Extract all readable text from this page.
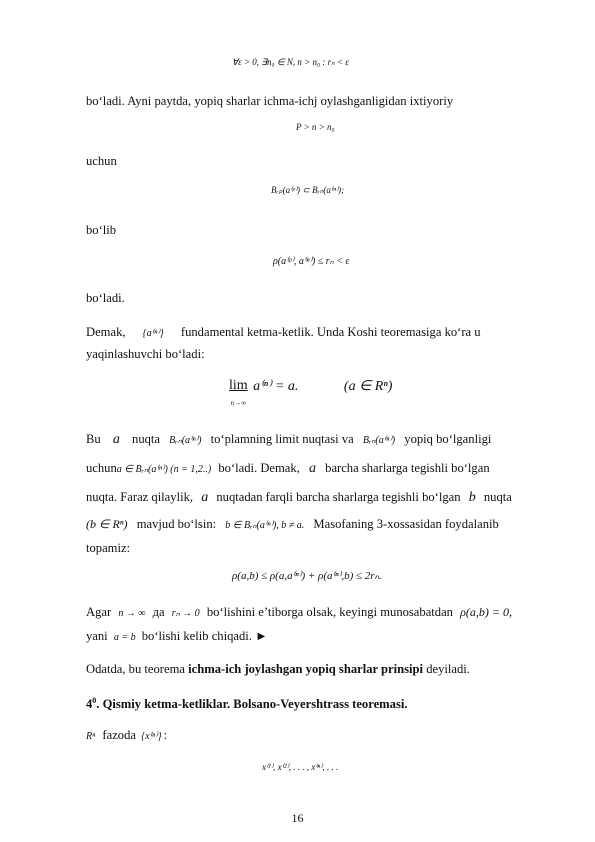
∀ε > 0, ∃n₀ ∈ N, n > n₀ : rₙ < ε
bo‘ladi. Ayni paytda, yopiq sharlar ichma-ichj oylashganligidan ixtiyoriy
P > n > n₀
uchun
Bᵣₚ(a⁽ᵖ⁾) ⊂ Bᵣₙ(a⁽ⁿ⁾);
bo‘lib
ρ(a⁽ᵖ⁾, a⁽ⁿ⁾) ≤ rₙ < ε
bo‘ladi.
Demak, {a⁽ⁿ⁾} fundamental ketma-ketlik. Unda Koshi teoremasiga ko‘ra u
yaqinlashuvchi bo‘ladi:
lim
n→∞ a⁽ⁿ⁾ = a.	(a ∈ Rⁿ)
Bu a nuqta Bᵣₙ(a⁽ⁿ⁾) to‘plamning limit nuqtasi va Bᵣₙ(a⁽ⁿ⁾) yopiq bo‘lganligi
uchuna ∈ Bᵣₙ(a⁽ⁿ⁾) (n = 1,2..) bo‘ladi. Demak, a barcha sharlarga tegishli bo‘lgan
nuqta. Faraz qilaylik, a nuqtadan farqli barcha sharlarga tegishli bo‘lgan b nuqta
(b ∈ Rⁿ) mavjud bo‘lsin: b ∈ Bᵣₙ(a⁽ⁿ⁾), b ≠ a. Masofaning 3-xossasidan foydalanib
topamiz:
ρ(a,b) ≤ ρ(a,a⁽ⁿ⁾) + ρ(a⁽ⁿ⁾,b) ≤ 2rₙ.
Agar n → ∞ да rₙ → 0 bo‘lishini e’tiborga olsak, keyingi munosabatdan ρ(a,b) = 0,
yani a = b bo‘lishi kelib chiqadi. ►
Odatda, bu teorema ichma-ich joylashgan yopiq sharlar prinsipi deyiladi.
$4^0$. Qismiy ketma-ketliklar. Bolsano-Veyershtrass teoremasi.
Rⁿ fazoda {x⁽ⁿ⁾} :
x⁽¹⁾, x⁽²⁾, . . . , x⁽ⁿ⁾, . . .
16
